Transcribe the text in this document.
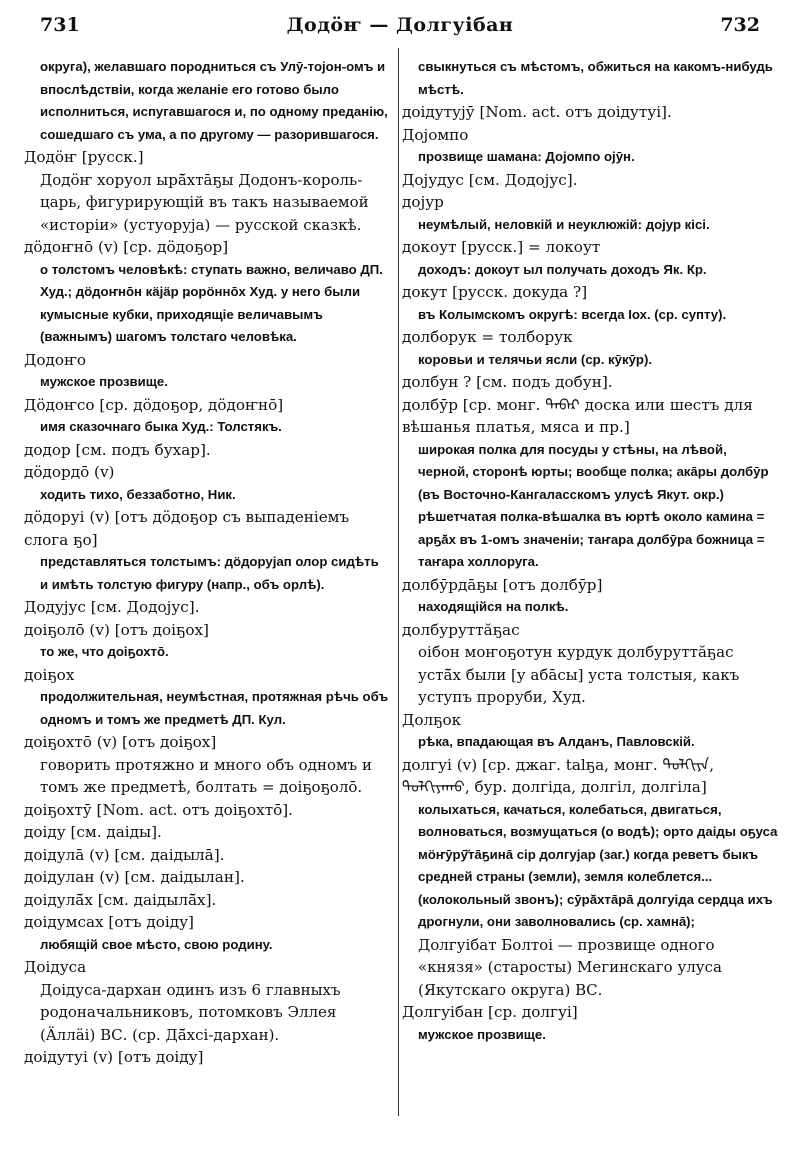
731	Додöҥ — Долгуiбан	732
округа), желавшаго породниться съ Улӯ-тоjон-омъ и впослѣдствiи, когда желанiе его готово было исполниться, испугавшагося и, по одному преданiю, сошедшаго съ ума, а по другому — разорившагося.
Додöҥ [русск.]
Додöҥ хоруол ырā̆хтāҕы Додонъ-король-царь, фигурирующiй въ такъ называемой «исторiи» (устуоруjа) — русской сказкѣ.
дöдоҥнō (v) [ср. дöдоҕор]
о толстомъ человѣкѣ: ступать важно, величаво ДП. Худ.; дöдоҥнōн кäjäр ҏорӧннōх Худ. у него были кумысные кубки, приходящiе величавымъ (важнымъ) шагомъ толстаго человѣка.
Додоҥо
мужское прозвище.
Дöдоҥсо [ср. дöдоҕор, дöдоҥнō]
имя сказочнаго быка Худ.: Толстякъ.
додор [см. подъ бухар].
дöдордō (v)
ходить тихо, беззаботно, Ник.
дöдоруi (v) [отъ дöдоҕор съ выпаденiемъ слога ҕо]
представляться толстымъ: дöдоруjап олор сидѣть и имѣть толстую фигуру (напр., объ орлѣ).
Додуjус [см. Додоjус].
доiҕолō (v) [отъ доiҕох]
то же, что доiҕохтō.
доiҕох
продолжительная, неумѣстная, протяжная рѣчь объ одномъ и томъ же предметѣ ДП. Кул.
доiҕохтō (v) [отъ доiҕох]
говорить протяжно и много объ одномъ и томъ же предметѣ, болтать = доiҕоҕолō.
доiҕохтӯ [Nom. act. отъ доiҕохтō].
доiду [см. даiды].
доiдулā (v) [см. даiдылā].
доiдулан (v) [см. даiдылан].
доiдулā̆х [см. даiдылā̆х].
доiдумсах [отъ доiду]
любящiй свое мѣсто, свою родину.
Доiдуса
Доiдуса-дархан одинъ изъ 6 главныхъ родоначальниковъ, потомковъ Эллея (Äллäi) ВС. (ср. Дā̆хсi-дархан).
доiдутуi (v) [отъ доiду]
свыкнуться съ мѣстомъ, обжиться на какомъ-нибудь мѣстѣ.
доiдутуjӯ [Nom. act. отъ доiдутуi].
Доjомпо
прозвище шамана: Доjомпо оjӯн.
Доjудус [см. Додоjус].
доjур
неумѣлый, неловкiй и неуклюжiй: доjур кiсi.
докоут [русск.] = локоут
доходъ: докоут ыл получать доходъ Як. Кр.
докут [русск. докуда ?]
въ Колымскомъ округѣ: всегда Iох. (ср. супту).
долборук = толборук
коровьи и телячьи ясли (ср. кӯкӯр).
долбун ? [см. подъ добун].
долбӯр [ср. монг. ᠳᠡᠪᠡᠷ доска или шестъ для вѣшанья платья, мяса и пр.]
широкая полка для посуды у стѣны, на лѣвой, черной, сторонѣ юрты; вообще полка; акāры долбӯр (въ Восточно-Кангаласскомъ улусѣ Якут. окр.) рѣшетчатая полка-вѣшалка въ юртѣ около камина = арҕā̆х въ 1-омъ значенiи; таҥара долбӯра божница = таҥара холлоруга.
долбӯрдāҕы [отъ долбӯр]
находящiйся на полкѣ.
долбуруттӑҕас
оiбон моҥоҕотун курдук долбуруттӑҕас устā̆х были [у абāсы] уста толстыя, какъ уступъ проруби, Худ.
Долҕок
рѣка, впадающая въ Алданъ, Павловскiй.
долгуi (v) [ср. джаг. talҕa, монг. ᠳᠣᠯᠭᠢᠶᠠ, ᠳᠣᠯᠭᠢᠶᠠᠬᠤ, бур. долгiда, долгiл, долгiла]
колыхаться, качаться, колебаться, двигаться, волноваться, возмущаться (о водѣ); орто даiды оҕуса мöҥӯрӯ̆тāҕинā сiр долгуjар (заг.) когда реветъ быкъ средней страны (земли), земля колеблется... (колокольный звонъ); сӯрā̆хтāрā долгуiда сердца ихъ дрогнули, они заволновались (ср. хамнā);
Долгуiбат Болтоi — прозвище одного «князя» (старосты) Мегинскаго улуса (Якутскаго округа) ВС.
Долгуiбан [ср. долгуi]
мужское прозвище.
